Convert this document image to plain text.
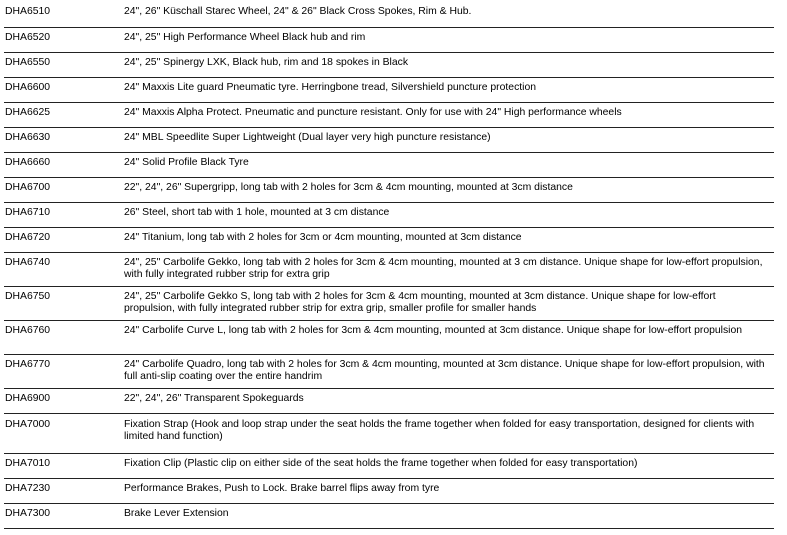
DHA6510	24", 26" Küschall Starec Wheel, 24" & 26" Black Cross Spokes, Rim & Hub.
DHA6520	24", 25" High Performance Wheel Black hub and rim
DHA6550	24", 25" Spinergy LXK, Black hub, rim and 18 spokes in Black
DHA6600	24" Maxxis Lite guard Pneumatic tyre. Herringbone tread, Silvershield puncture protection
DHA6625	24" Maxxis Alpha Protect. Pneumatic and puncture resistant. Only for use with 24" High performance wheels
DHA6630	24" MBL Speedlite Super Lightweight (Dual layer very high puncture resistance)
DHA6660	24" Solid Profile Black Tyre
DHA6700	22", 24", 26" Supergripp, long tab with 2 holes for 3cm & 4cm mounting, mounted at 3cm distance
DHA6710	26" Steel, short tab with 1 hole, mounted at 3 cm distance
DHA6720	24" Titanium, long tab with 2 holes for 3cm or 4cm mounting, mounted at 3cm distance
DHA6740	24", 25" Carbolife Gekko, long tab with 2 holes for 3cm & 4cm mounting, mounted at 3 cm distance. Unique shape for low-effort propulsion, with fully integrated rubber strip for extra grip
DHA6750	24", 25" Carbolife Gekko S, long tab with 2 holes for 3cm & 4cm mounting, mounted at 3cm distance. Unique shape for low-effort propulsion, with fully integrated rubber strip for extra grip, smaller profile for smaller hands
DHA6760	24" Carbolife Curve L, long tab with 2 holes for 3cm & 4cm mounting, mounted at 3cm distance. Unique shape for low-effort propulsion
DHA6770	24" Carbolife Quadro, long tab with 2 holes for 3cm & 4cm mounting, mounted at 3cm distance. Unique shape for low-effort propulsion, with full anti-slip coating over the entire handrim
DHA6900	22", 24", 26" Transparent Spokeguards
DHA7000	Fixation Strap (Hook and loop strap under the seat holds the frame together when folded for easy transportation, designed for clients with limited hand function)
DHA7010	Fixation Clip (Plastic clip on either side of the seat holds the frame together when folded for easy transportation)
DHA7230	Performance Brakes, Push to Lock. Brake barrel flips away from tyre
DHA7300	Brake Lever Extension
